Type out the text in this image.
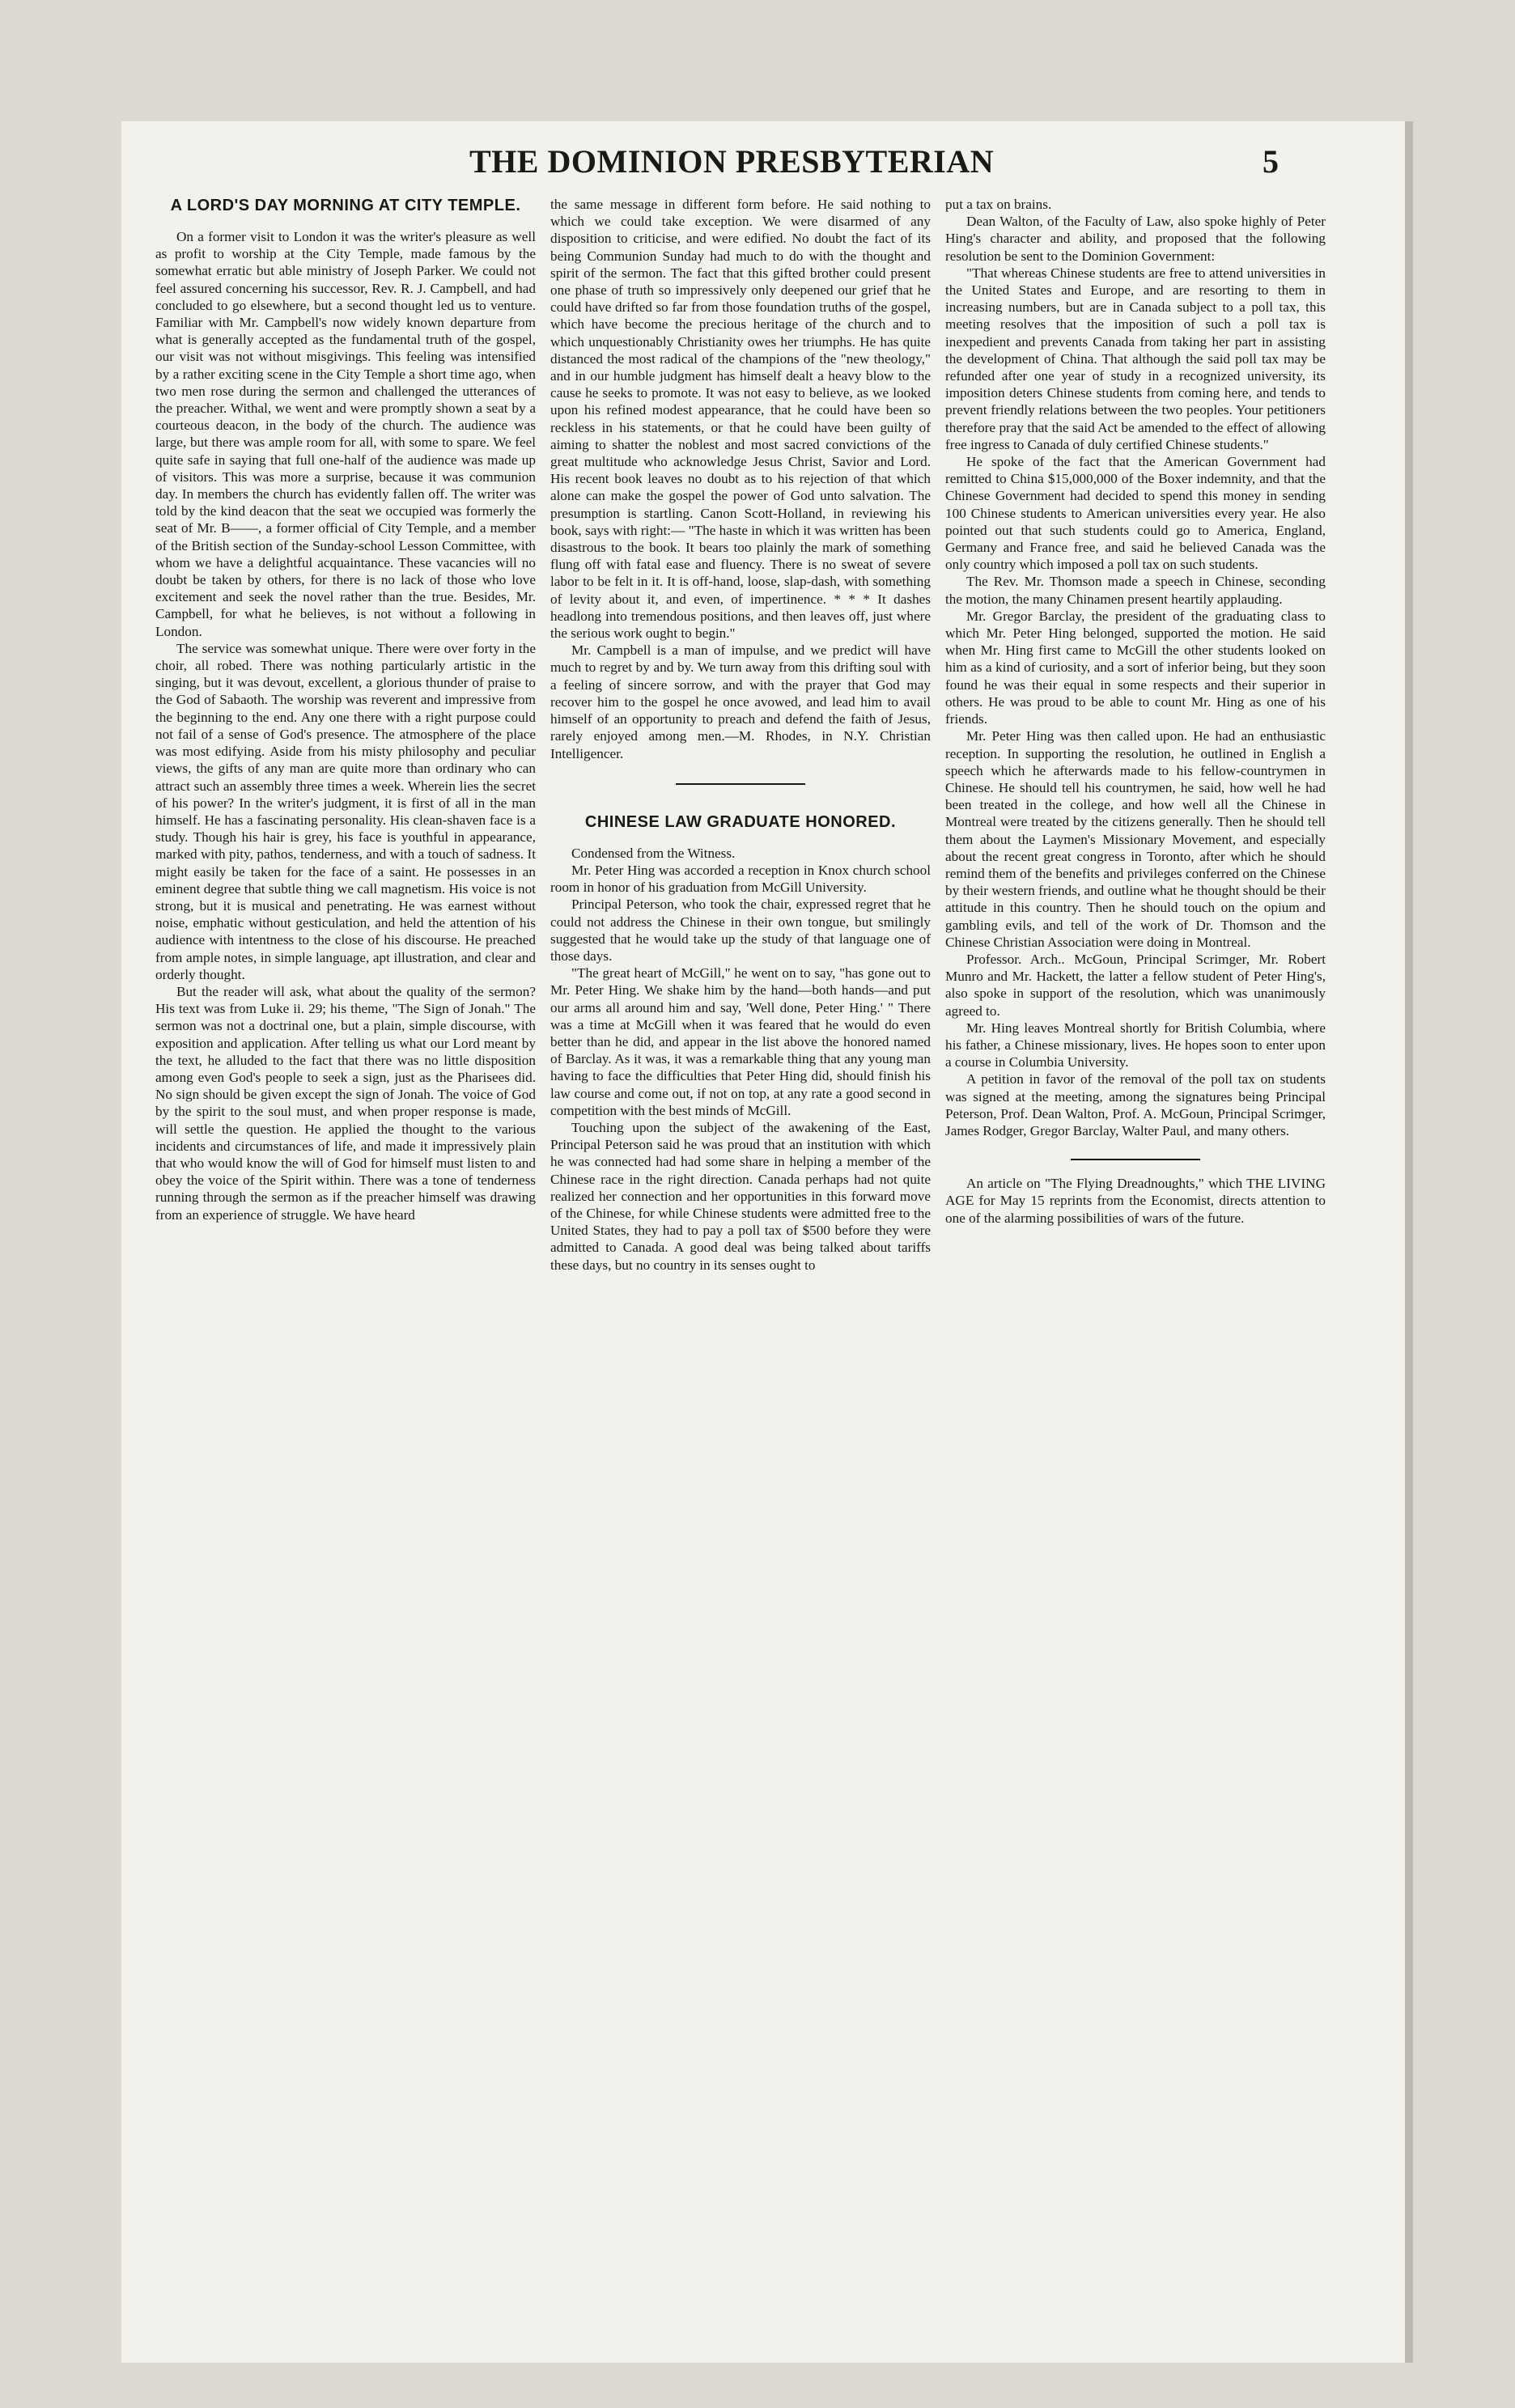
THE DOMINION PRESBYTERIAN	5
A LORD'S DAY MORNING AT CITY TEMPLE.

On a former visit to London it was the writer's pleasure as well as profit to worship at the City Temple, made famous by the somewhat erratic but able ministry of Joseph Parker. We could not feel assured concerning his successor, Rev. R. J. Campbell, and had concluded to go elsewhere, but a second thought led us to venture. Familiar with Mr. Campbell's now widely known departure from what is generally accepted as the fundamental truth of the gospel, our visit was not without misgivings. This feeling was intensified by a rather exciting scene in the City Temple a short time ago, when two men rose during the sermon and challenged the utterances of the preacher. Withal, we went and were promptly shown a seat by a courteous deacon, in the body of the church. The audience was large, but there was ample room for all, with some to spare. We feel quite safe in saying that full one-half of the audience was made up of visitors. This was more a surprise, because it was communion day. In members the church has evidently fallen off. The writer was told by the kind deacon that the seat we occupied was formerly the seat of Mr. B——, a former official of City Temple, and a member of the British section of the Sunday-school Lesson Committee, with whom we have a delightful acquaintance. These vacancies will no doubt be taken by others, for there is no lack of those who love excitement and seek the novel rather than the true. Besides, Mr. Campbell, for what he believes, is not without a following in London.

The service was somewhat unique. There were over forty in the choir, all robed. There was nothing particularly artistic in the singing, but it was devout, excellent, a glorious thunder of praise to the God of Sabaoth. The worship was reverent and impressive from the beginning to the end. Any one there with a right purpose could not fail of a sense of God's presence. The atmosphere of the place was most edifying. Aside from his misty philosophy and peculiar views, the gifts of any man are quite more than ordinary who can attract such an assembly three times a week. Wherein lies the secret of his power? In the writer's judgment, it is first of all in the man himself. He has a fascinating personality. His clean-shaven face is a study. Though his hair is grey, his face is youthful in appearance, marked with pity, pathos, tenderness, and with a touch of sadness. It might easily be taken for the face of a saint. He possesses in an eminent degree that subtle thing we call magnetism. His voice is not strong, but it is musical and penetrating. He was earnest without noise, emphatic without gesticulation, and held the attention of his audience with intentness to the close of his discourse. He preached from ample notes, in simple language, apt illustration, and clear and orderly thought.

But the reader will ask, what about the quality of the sermon? His text was from Luke ii. 29; his theme, "The Sign of Jonah." The sermon was not a doctrinal one, but a plain, simple discourse, with exposition and application. After telling us what our Lord meant by the text, he alluded to the fact that there was no little disposition among even God's people to seek a sign, just as the Pharisees did. No sign should be given except the sign of Jonah. The voice of God by the spirit to the soul must, and when proper response is made, will settle the question. He applied the thought to the various incidents and circumstances of life, and made it impressively plain that who would know the will of God for himself must listen to and obey the voice of the Spirit within. There was a tone of tenderness running through the sermon as if the preacher himself was drawing from an experience of struggle. We have heard

the same message in different form before. He said nothing to which we could take exception. We were disarmed of any disposition to criticise, and were edified. No doubt the fact of its being Communion Sunday had much to do with the thought and spirit of the sermon. The fact that this gifted brother could present one phase of truth so impressively only deepened our grief that he could have drifted so far from those foundation truths of the gospel, which have become the precious heritage of the church and to which unquestionably Christianity owes her triumphs. He has quite distanced the most radical of the champions of the "new theology," and in our humble judgment has himself dealt a heavy blow to the cause he seeks to promote. It was not easy to believe, as we looked upon his refined modest appearance, that he could have been so reckless in his statements, or that he could have been guilty of aiming to shatter the noblest and most sacred convictions of the great multitude who acknowledge Jesus Christ, Savior and Lord. His recent book leaves no doubt as to his rejection of that which alone can make the gospel the power of God unto salvation. The presumption is startling. Canon Scott-Holland, in reviewing his book, says with right:— "The haste in which it was written has been disastrous to the book. It bears too plainly the mark of something flung off with fatal ease and fluency. There is no sweat of severe labor to be felt in it. It is off-hand, loose, slap-dash, with something of levity about it, and even, of impertinence. * * * It dashes headlong into tremendous positions, and then leaves off, just where the serious work ought to begin."

Mr. Campbell is a man of impulse, and we predict will have much to regret by and by. We turn away from this drifting soul with a feeling of sincere sorrow, and with the prayer that God may recover him to the gospel he once avowed, and lead him to avail himself of an opportunity to preach and defend the faith of Jesus, rarely enjoyed among men.—M. Rhodes, in N.Y. Christian Intelligencer.

CHINESE LAW GRADUATE HONORED.

Condensed from the Witness.

Mr. Peter Hing was accorded a reception in Knox church school room in honor of his graduation from McGill University.

Principal Peterson, who took the chair, expressed regret that he could not address the Chinese in their own tongue, but smilingly suggested that he would take up the study of that language one of those days.

"The great heart of McGill," he went on to say, "has gone out to Mr. Peter Hing. We shake him by the hand—both hands—and put our arms all around him and say, 'Well done, Peter Hing.' " There was a time at McGill when it was feared that he would do even better than he did, and appear in the list above the honored named of Barclay. As it was, it was a remarkable thing that any young man having to face the difficulties that Peter Hing did, should finish his law course and come out, if not on top, at any rate a good second in competition with the best minds of McGill.

Touching upon the subject of the awakening of the East, Principal Peterson said he was proud that an institution with which he was connected had had some share in helping a member of the Chinese race in the right direction. Canada perhaps had not quite realized her connection and her opportunities in this forward move of the Chinese, for while Chinese students were admitted free to the United States, they had to pay a poll tax of $500 before they were admitted to Canada. A good deal was being talked about tariffs these days, but no country in its senses ought to

put a tax on brains.

Dean Walton, of the Faculty of Law, also spoke highly of Peter Hing's character and ability, and proposed that the following resolution be sent to the Dominion Government:

"That whereas Chinese students are free to attend universities in the United States and Europe, and are resorting to them in increasing numbers, but are in Canada subject to a poll tax, this meeting resolves that the imposition of such a poll tax is inexpedient and prevents Canada from taking her part in assisting the development of China. That although the said poll tax may be refunded after one year of study in a recognized university, its imposition deters Chinese students from coming here, and tends to prevent friendly relations between the two peoples. Your petitioners therefore pray that the said Act be amended to the effect of allowing free ingress to Canada of duly certified Chinese students."

He spoke of the fact that the American Government had remitted to China $15,000,000 of the Boxer indemnity, and that the Chinese Government had decided to spend this money in sending 100 Chinese students to American universities every year. He also pointed out that such students could go to America, England, Germany and France free, and said he believed Canada was the only country which imposed a poll tax on such students.

The Rev. Mr. Thomson made a speech in Chinese, seconding the motion, the many Chinamen present heartily applauding.

Mr. Gregor Barclay, the president of the graduating class to which Mr. Peter Hing belonged, supported the motion. He said when Mr. Hing first came to McGill the other students looked on him as a kind of curiosity, and a sort of inferior being, but they soon found he was their equal in some respects and their superior in others. He was proud to be able to count Mr. Hing as one of his friends.

Mr. Peter Hing was then called upon. He had an enthusiastic reception. In supporting the resolution, he outlined in English a speech which he afterwards made to his fellow-countrymen in Chinese. He should tell his countrymen, he said, how well he had been treated in the college, and how well all the Chinese in Montreal were treated by the citizens generally. Then he should tell them about the Laymen's Missionary Movement, and especially about the recent great congress in Toronto, after which he should remind them of the benefits and privileges conferred on the Chinese by their western friends, and outline what he thought should be their attitude in this country. Then he should touch on the opium and gambling evils, and tell of the work of Dr. Thomson and the Chinese Christian Association were doing in Montreal.

Professor. Arch.. McGoun, Principal Scrimger, Mr. Robert Munro and Mr. Hackett, the latter a fellow student of Peter Hing's, also spoke in support of the resolution, which was unanimously agreed to.

Mr. Hing leaves Montreal shortly for British Columbia, where his father, a Chinese missionary, lives. He hopes soon to enter upon a course in Columbia University.

A petition in favor of the removal of the poll tax on students was signed at the meeting, among the signatures being Principal Peterson, Prof. Dean Walton, Prof. A. McGoun, Principal Scrimger, James Rodger, Gregor Barclay, Walter Paul, and many others.

An article on "The Flying Dreadnoughts," which THE LIVING AGE for May 15 reprints from the Economist, directs attention to one of the alarming possibilities of wars of the future.
